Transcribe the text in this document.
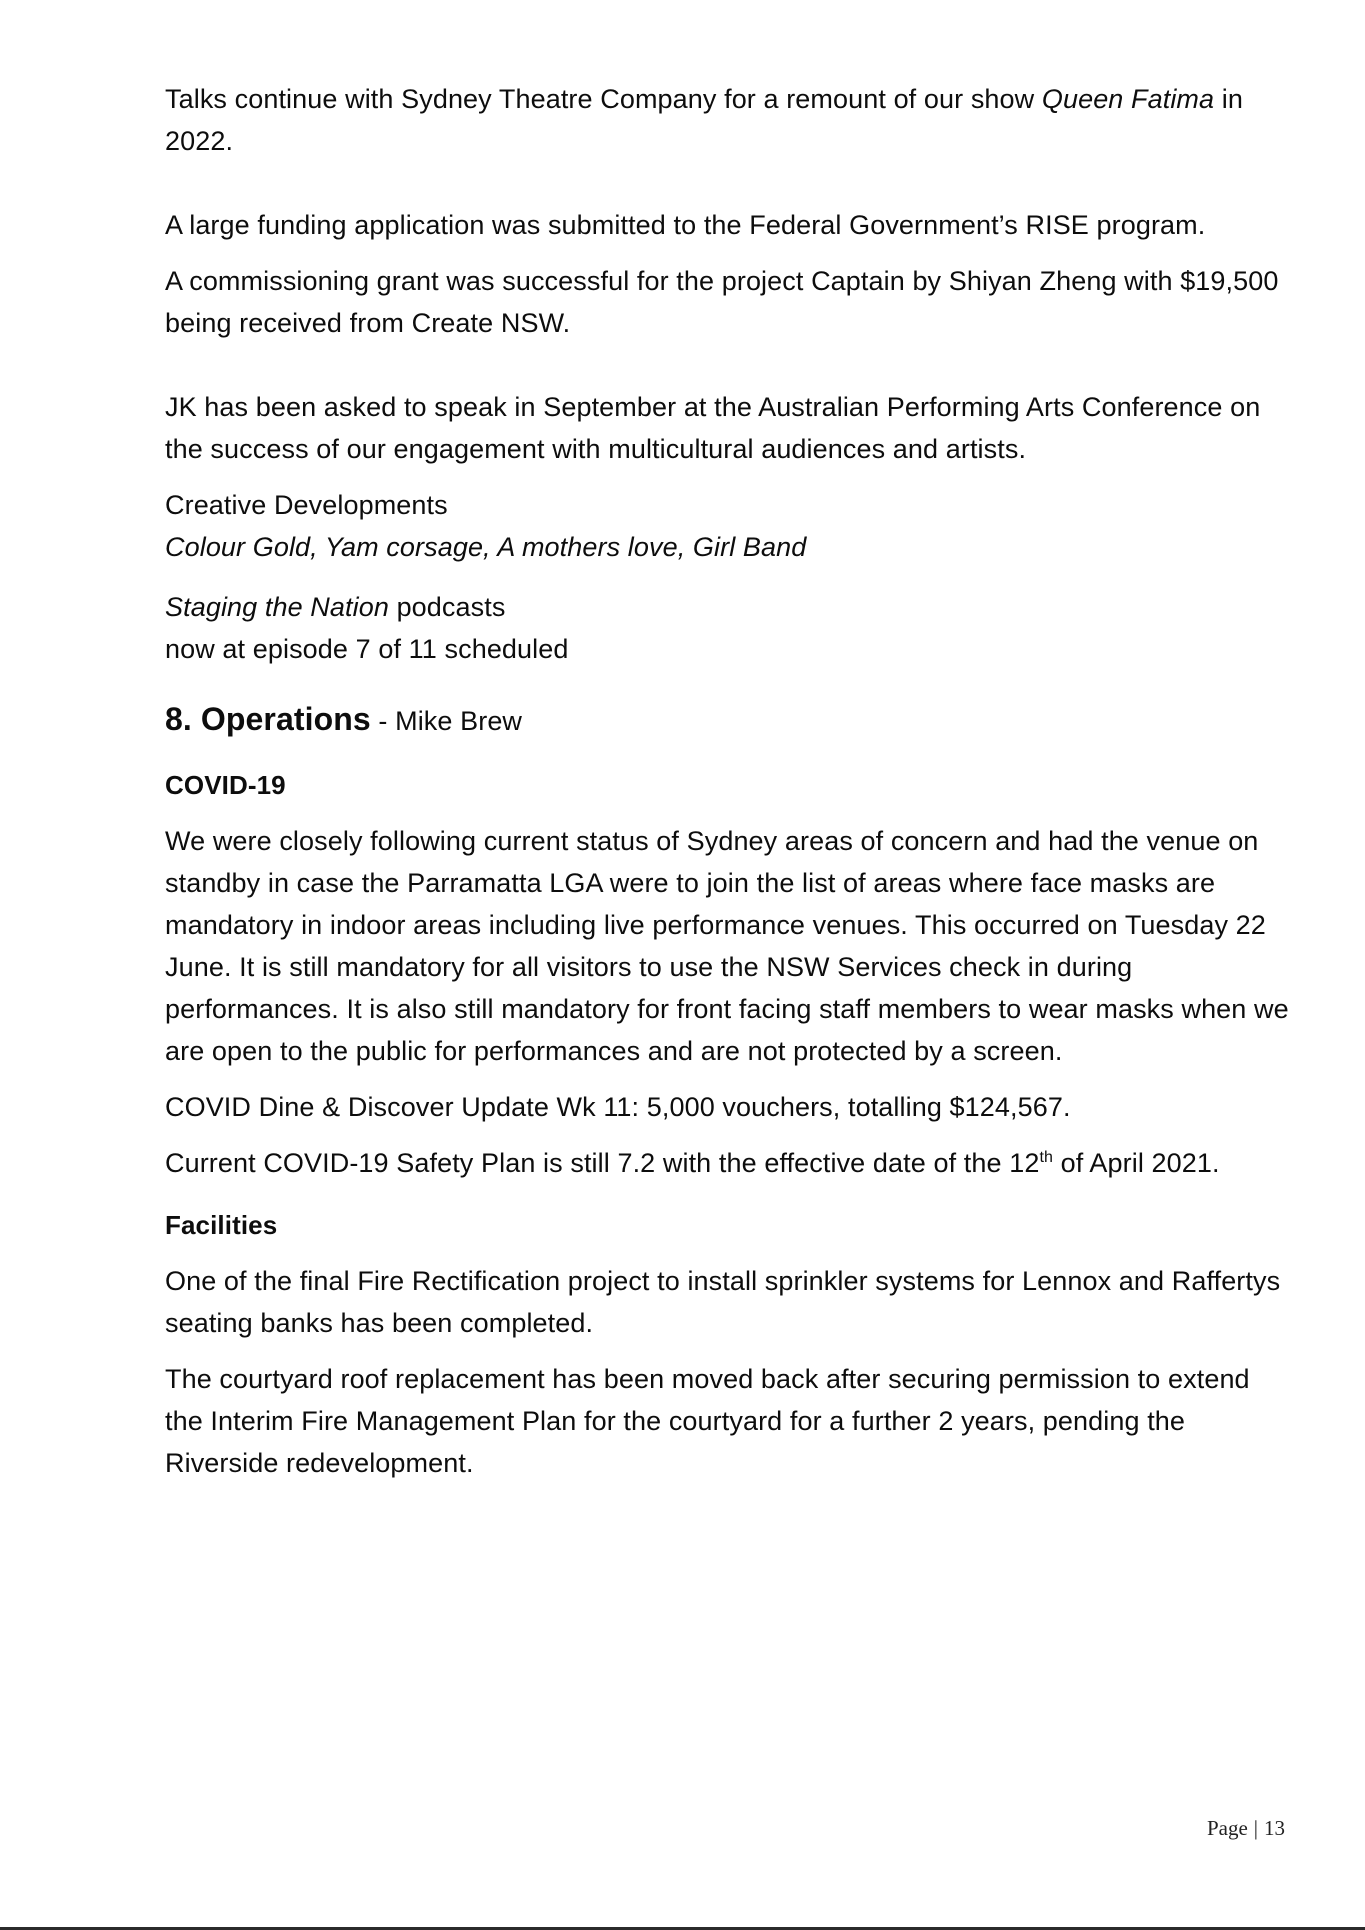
Talks continue with Sydney Theatre Company for a remount of our show Queen Fatima in 2022.

A large funding application was submitted to the Federal Government’s RISE program.

A commissioning grant was successful for the project Captain by Shiyan Zheng with $19,500 being received from Create NSW.

JK has been asked to speak in September at the Australian Performing Arts Conference on the success of our engagement with multicultural audiences and artists.

Creative Developments
Colour Gold, Yam corsage, A mothers love, Girl Band

Staging the Nation podcasts
now at episode 7 of 11 scheduled

8. Operations - Mike Brew

COVID-19

We were closely following current status of Sydney areas of concern and had the venue on standby in case the Parramatta LGA were to join the list of areas where face masks are mandatory in indoor areas including live performance venues. This occurred on Tuesday 22 June. It is still mandatory for all visitors to use the NSW Services check in during performances. It is also still mandatory for front facing staff members to wear masks when we are open to the public for performances and are not protected by a screen.

COVID Dine & Discover Update Wk 11: 5,000 vouchers, totalling $124,567.

Current COVID-19 Safety Plan is still 7.2 with the effective date of the 12th of April 2021.

Facilities

One of the final Fire Rectification project to install sprinkler systems for Lennox and Raffertys seating banks has been completed.

The courtyard roof replacement has been moved back after securing permission to extend the Interim Fire Management Plan for the courtyard for a further 2 years, pending the Riverside redevelopment.

Page | 13
